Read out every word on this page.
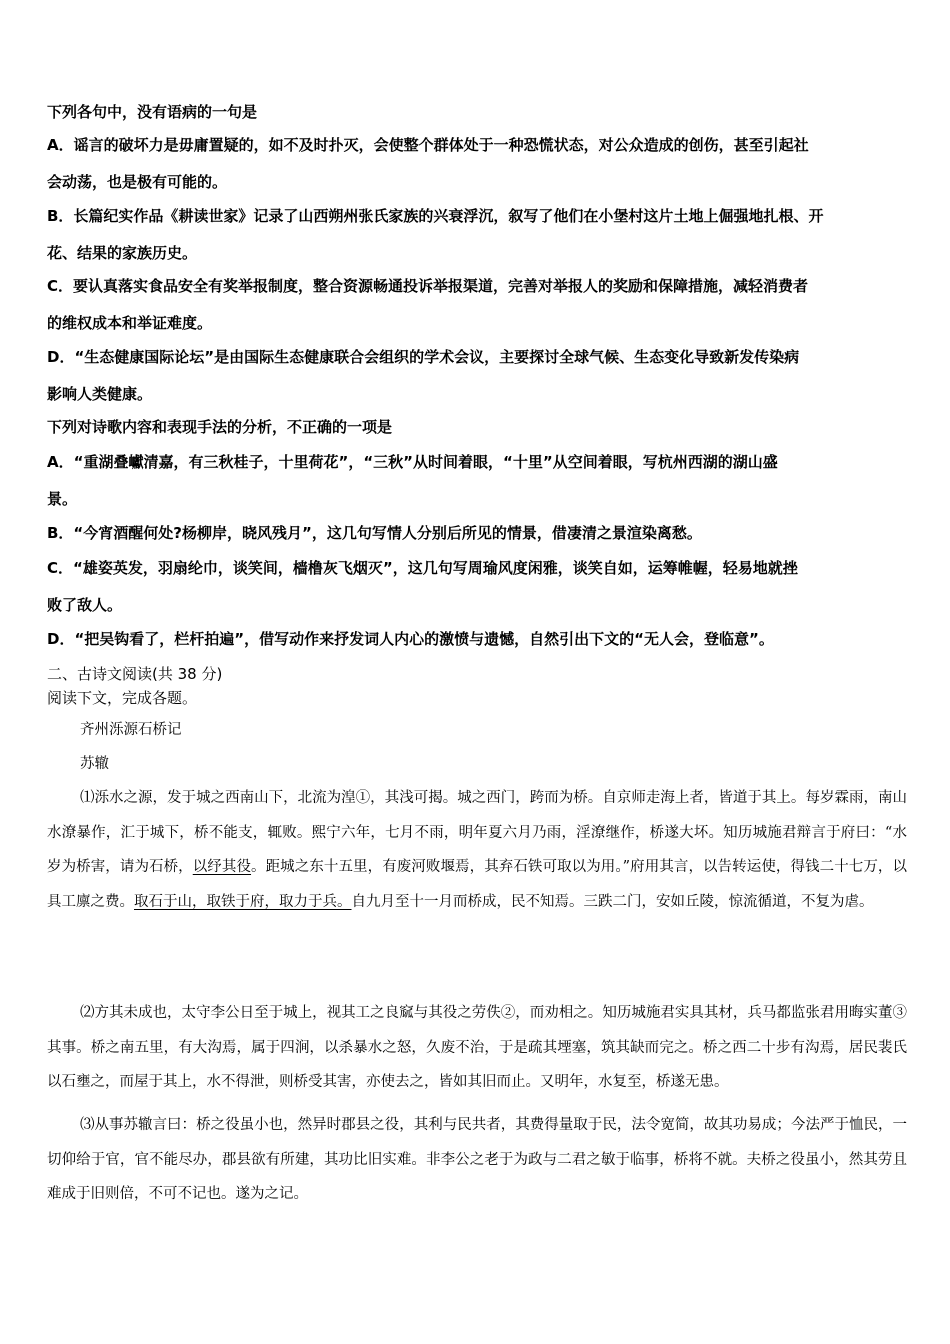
下列各句中，没有语病的一句是
A．谣言的破坏力是毋庸置疑的，如不及时扑灭，会使整个群体处于一种恐慌状态，对公众造成的创伤，甚至引起社
会动荡，也是极有可能的。
B．长篇纪实作品《耕读世家》记录了山西朔州张氏家族的兴衰浮沉，叙写了他们在小堡村这片土地上倔强地扎根、开
花、结果的家族历史。
C．要认真落实食品安全有奖举报制度，整合资源畅通投诉举报渠道，完善对举报人的奖励和保障措施，减轻消费者
的维权成本和举证难度。
D．“生态健康国际论坛”是由国际生态健康联合会组织的学术会议，主要探讨全球气候、生态变化导致新发传染病
影响人类健康。
下列对诗歌内容和表现手法的分析，不正确的一项是
A．“重湖叠巘清嘉，有三秋桂子，十里荷花”，“三秋”从时间着眼，“十里”从空间着眼，写杭州西湖的湖山盛
景。
B．“今宵酒醒何处?杨柳岸，晓风残月”，这几句写情人分别后所见的情景，借凄清之景渲染离愁。
C．“雄姿英发，羽扇纶巾，谈笑间，樯橹灰飞烟灭”，这几句写周瑜风度闲雅，谈笑自如，运筹帷幄，轻易地就挫
败了敌人。
D．“把吴钩看了，栏杆拍遍”，借写动作来抒发词人内心的激愤与遗憾，自然引出下文的“无人会，登临意”。
二、古诗文阅读(共 38 分)
阅读下文，完成各题。
齐州泺源石桥记
苏辙
⑴泺水之源，发于城之西南山下，北流为湟①，其浅可揭。城之西门，跨而为桥。自京师走海上者，皆道于其上。每岁霖雨，南山水潦暴作，汇于城下，桥不能支，辄败。熙宁六年，七月不雨，明年夏六月乃雨，淫潦继作，桥遂大坏。知历城施君辩言于府曰：“水岁为桥害，请为石桥，以纾其役。距城之东十五里，有废河败堰焉，其弃石铁可取以为用。”府用其言，以告转运使，得钱二十七万，以具工廪之费。取石于山，取铁于府，取力于兵。自九月至十一月而桥成，民不知焉。三跌二门，安如丘陵，惊流循道，不复为虐。
⑵方其未成也，太守李公日至于城上，视其工之良窳与其役之劳佚②，而劝相之。知历城施君实具其材，兵马都监张君用晦实董③其事。桥之南五里，有大沟焉，属于四涧，以杀暴水之怒，久废不治，于是疏其堙塞，筑其缺而完之。桥之西二十步有沟焉，居民裴氏以石壅之，而屋于其上，水不得泄，则桥受其害，亦使去之，皆如其旧而止。又明年，水复至，桥遂无患。
⑶从事苏辙言曰：桥之役虽小也，然异时郡县之役，其利与民共者，其费得量取于民，法令宽简，故其功易成；今法严于恤民，一切仰给于官，官不能尽办，郡县欲有所建，其功比旧实难。非李公之老于为政与二君之敏于临事，桥将不就。夫桥之役虽小，然其劳且难成于旧则倍，不可不记也。遂为之记。
